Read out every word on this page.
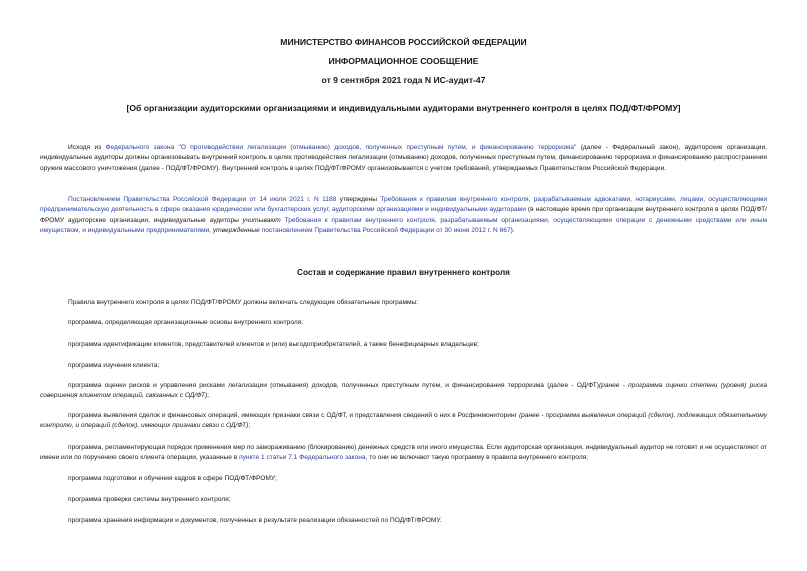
МИНИСТЕРСТВО ФИНАНСОВ РОССИЙСКОЙ ФЕДЕРАЦИИ
ИНФОРМАЦИОННОЕ СООБЩЕНИЕ
от 9 сентября 2021 года N ИС-аудит-47
[Об организации аудиторскими организациями и индивидуальными аудиторами внутреннего контроля в целях ПОД/ФТ/ФРОМУ]

Исходя из Федерального закона "О противодействии легализации (отмыванию) доходов, полученных преступным путем, и финансированию терроризма" (далее - Федеральный закон), аудиторские организации, индивидуальные аудиторы должны организовывать внутренний контроль в целях противодействия легализации (отмыванию) доходов, полученных преступным путем, финансированию терроризма и финансированию распространения оружия массового уничтожения (далее - ПОД/ФТ/ФРОМУ). Внутренний контроль в целях ПОД/ФТ/ФРОМУ организовывается с учетом требований, утверждаемых Правительством Российской Федерации.

Постановлением Правительства Российской Федерации от 14 июля 2021 г. N 1188 утверждены Требования к правилам внутреннего контроля, разрабатываемым адвокатами, нотариусами, лицами, осуществляющими предпринимательскую деятельность в сфере оказания юридических или бухгалтерских услуг, аудиторскими организациями и индивидуальными аудиторами (в настоящее время при организации внутреннего контроля в целях ПОД/ФТ/ФРОМУ аудиторские организации, индивидуальные аудиторы учитывают Требования к правилам внутреннего контроля, разрабатываемым организациями, осуществляющими операции с денежными средствами или иным имуществом, и индивидуальными предпринимателями, утвержденные постановлением Правительства Российской Федерации от 30 июня 2012 г. N 667).

Состав и содержание правил внутреннего контроля

Правила внутреннего контроля в целях ПОД/ФТ/ФРОМУ должны включать следующие обязательные программы:

программа, определяющая организационные основы внутреннего контроля;

программа идентификации клиентов, представителей клиентов и (или) выгодоприобретателей, а также бенефициарных владельцев;

программа изучения клиента;

программа оценки рисков и управления рисками легализации (отмывания) доходов, полученных преступным путем, и финансирования терроризма (далее - ОД/ФТ)(ранее - программа оценки степени (уровня) риска совершения клиентом операций, связанных с ОД/ФТ);

программа выявления сделок и финансовых операций, имеющих признаки связи с ОД/ФТ, и представления сведений о них в Росфинмониторинг (ранее - программа выявления операций (сделок), подлежащих обязательному контролю, и операций (сделок), имеющих признаки связи с ОД/ФТ);

программа, регламентирующая порядок применения мер по замораживанию (блокированию) денежных средств или иного имущества. Если аудиторская организация, индивидуальный аудитор не готовят и не осуществляют от имени или по поручению своего клиента операции, указанные в пункте 1 статьи 7.1 Федерального закона, то они не включают такую программу в правила внутреннего контроля;

программа подготовки и обучения кадров в сфере ПОД/ФТ/ФРОМУ;

программа проверки системы внутреннего контроля;

программа хранения информации и документов, полученных в результате реализации обязанностей по ПОД/ФТ/ФРОМУ.
